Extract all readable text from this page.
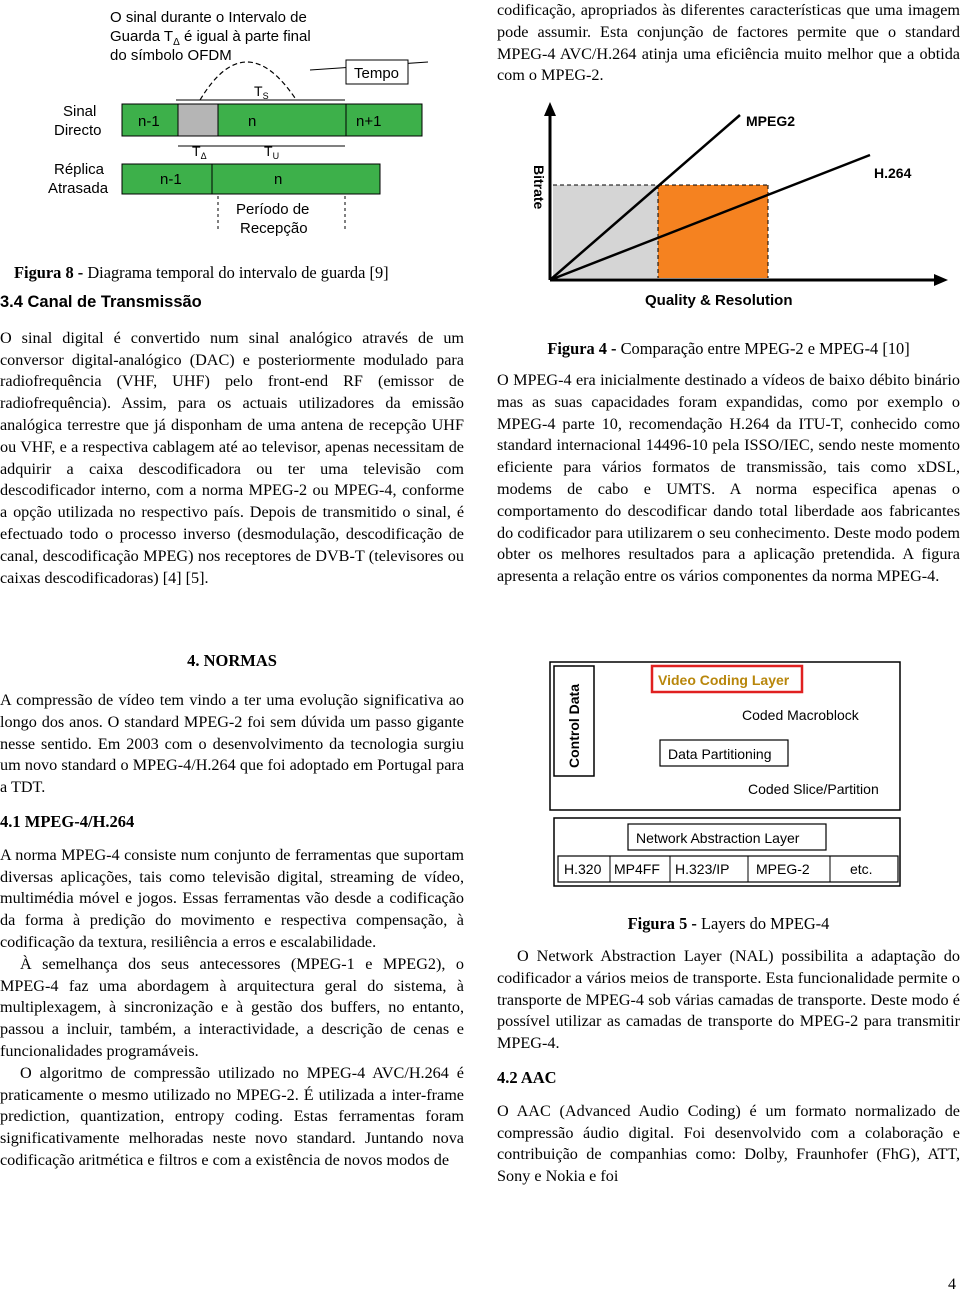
O sinal durante o Intervalo de
Guarda $T_\Delta$ é igual à parte final
do símbolo OFDM
Tempo
$T_S$
Sinal
Directo
n-1	n	n+1
$T_\Delta$	$T_U$
Réplica
Atrasada
n-1	n
Período de
Recepção

Figura 8 - Diagrama temporal do intervalo de guarda [9]

3.4 Canal de Transmissão

O sinal digital é convertido num sinal analógico através de um conversor digital-analógico (DAC) e posteriormente modulado para radiofrequência (VHF, UHF) pelo front-end RF (emissor de radiofrequência). Assim, para os actuais utilizadores da emissão analógica terrestre que já disponham de uma antena de recepção UHF ou VHF, e a respectiva cablagem até ao televisor, apenas necessitam de adquirir a caixa descodificadora ou ter uma televisão com descodificador interno, com a norma MPEG-2 ou MPEG-4, conforme a opção utilizada no respectivo país. Depois de transmitido o sinal, é efectuado todo o processo inverso (desmodulação, descodificação de canal, descodificação MPEG) nos receptores de DVB-T (televisores ou caixas descodificadoras) [4] [5].

4. NORMAS

A compressão de vídeo tem vindo a ter uma evolução significativa ao longo dos anos. O standard MPEG-2 foi sem dúvida um passo gigante nesse sentido. Em 2003 com o desenvolvimento da tecnologia surgiu um novo standard o MPEG-4/H.264 que foi adoptado em Portugal para a TDT.

4.1 MPEG-4/H.264

A norma MPEG-4 consiste num conjunto de ferramentas que suportam diversas aplicações, tais como televisão digital, streaming de vídeo, multimédia móvel e jogos. Essas ferramentas vão desde a codificação da forma à predição do movimento e respectiva compensação, à codificação da textura, resiliência a erros e escalabilidade.

À semelhança dos seus antecessores (MPEG-1 e MPEG2), o MPEG-4 faz uma abordagem à arquitectura geral do sistema, à multiplexagem, à sincronização e à gestão dos buffers, no entanto, passou a incluir, também, a interactividade, a descrição de cenas e funcionalidades programáveis.

O algoritmo de compressão utilizado no MPEG-4 AVC/H.264 é praticamente o mesmo utilizado no MPEG-2. É utilizada a inter-frame prediction, quantization, entropy coding. Estas ferramentas foram significativamente melhoradas neste novo standard. Juntando nova codificação aritmética e filtros e com a existência de novos modos de

codificação, apropriados às diferentes características que uma imagem pode assumir. Esta conjunção de factores permite que o standard MPEG-4 AVC/H.264 atinja uma eficiência muito melhor que a obtida com o MPEG-2.

MPEG2
H.264
Bitrate
Quality & Resolution

Figura 4 - Comparação entre MPEG-2 e MPEG-4 [10]

O MPEG-4 era inicialmente destinado a vídeos de baixo débito binário mas as suas capacidades foram expandidas, como por exemplo o MPEG-4 parte 10, recomendação H.264 da ITU-T, conhecido como standard internacional 14496-10 pela ISSO/IEC, sendo neste momento eficiente para vários formatos de transmissão, tais como xDSL, modems de cabo e UMTS. A norma especifica apenas o comportamento do descodificar dando total liberdade aos fabricantes do codificador para utilizarem o seu conhecimento. Deste modo podem obter os melhores resultados para a aplicação pretendida. A figura apresenta a relação entre os vários componentes da norma MPEG-4.

Control Data
Video Coding Layer
Coded Macroblock
Data Partitioning
Coded Slice/Partition
Network Abstraction Layer
H.320 MP4FF H.323/IP MPEG-2	etc.

Figura 5 - Layers do MPEG-4

O Network Abstraction Layer (NAL) possibilita a adaptação do codificador a vários meios de transporte. Esta funcionalidade permite o transporte de MPEG-4 sob várias camadas de transporte. Deste modo é possível utilizar as camadas de transporte do MPEG-2 para transmitir MPEG-4.

4.2 AAC

O AAC (Advanced Audio Coding) é um formato normalizado de compressão áudio digital. Foi desenvolvido com a colaboração e contribuição de companhias como: Dolby, Fraunhofer (FhG), ATT, Sony e Nokia e foi

4
